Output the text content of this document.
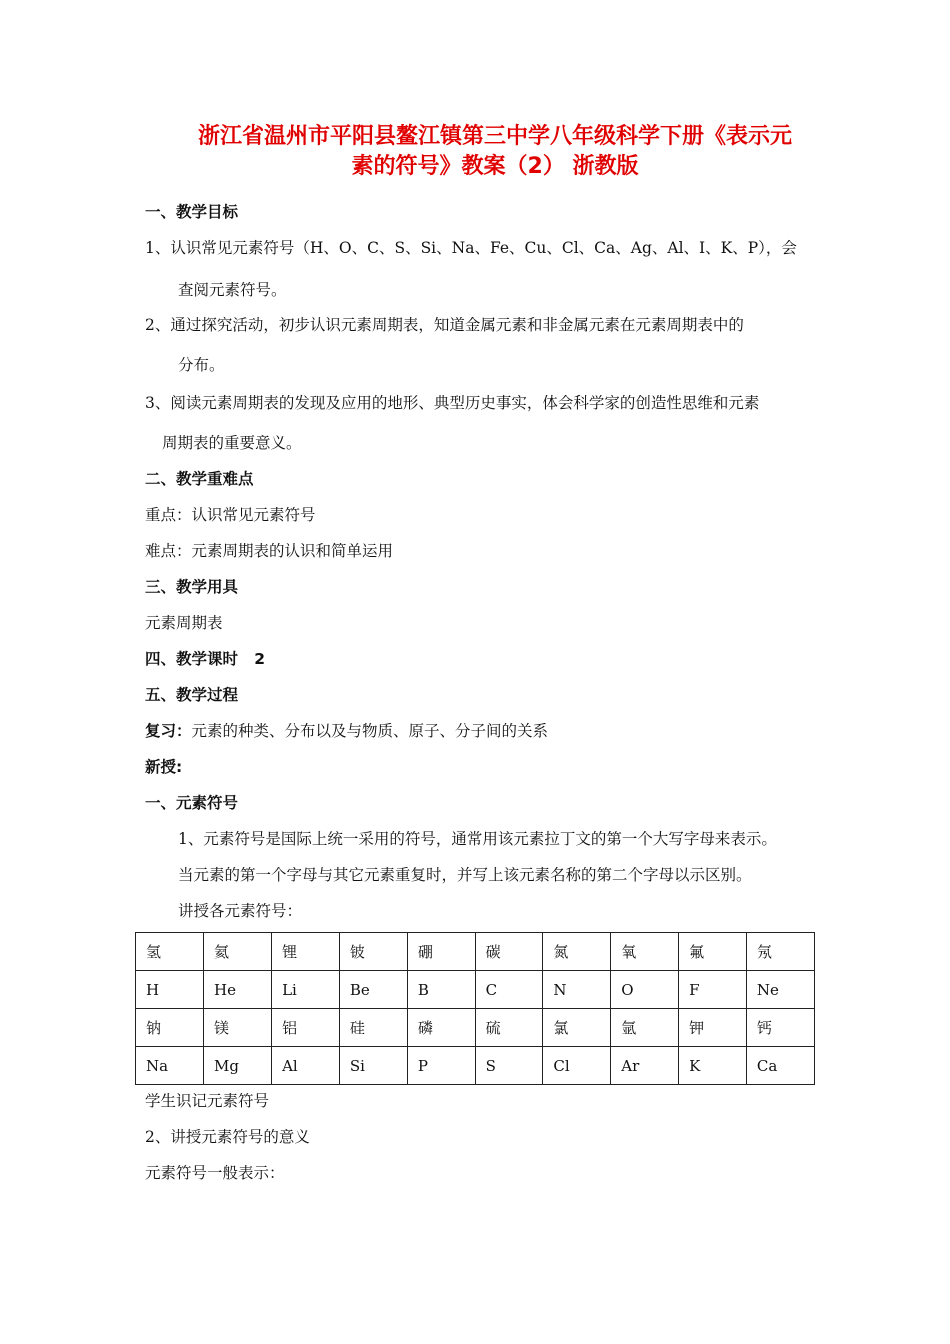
浙江省温州市平阳县鳌江镇第三中学八年级科学下册《表示元
素的符号》教案（2） 浙教版
一、教学目标
1、认识常见元素符号（H、O、C、S、Si、Na、Fe、Cu、Cl、Ca、Ag、Al、I、K、P），会
查阅元素符号。
2、通过探究活动，初步认识元素周期表，知道金属元素和非金属元素在元素周期表中的
分布。
3、阅读元素周期表的发现及应用的地形、典型历史事实，体会科学家的创造性思维和元素
周期表的重要意义。
二、教学重难点
重点：认识常见元素符号
难点：元素周期表的认识和简单运用
三、教学用具
元素周期表
四、教学课时   2
五、教学过程
复习：元素的种类、分布以及与物质、原子、分子间的关系
新授:
一、元素符号
1、元素符号是国际上统一采用的符号，通常用该元素拉丁文的第一个大写字母来表示。
当元素的第一个字母与其它元素重复时，并写上该元素名称的第二个字母以示区别。
讲授各元素符号：
氢	氦	锂	铍	硼	碳	氮	氧	氟	氖
H	He	Li	Be	B	C	N	O	F	Ne
钠	镁	铝	硅	磷	硫	氯	氩	钾	钙
Na	Mg	Al	Si	P	S	Cl	Ar	K	Ca
学生识记元素符号
2、讲授元素符号的意义
元素符号一般表示：
